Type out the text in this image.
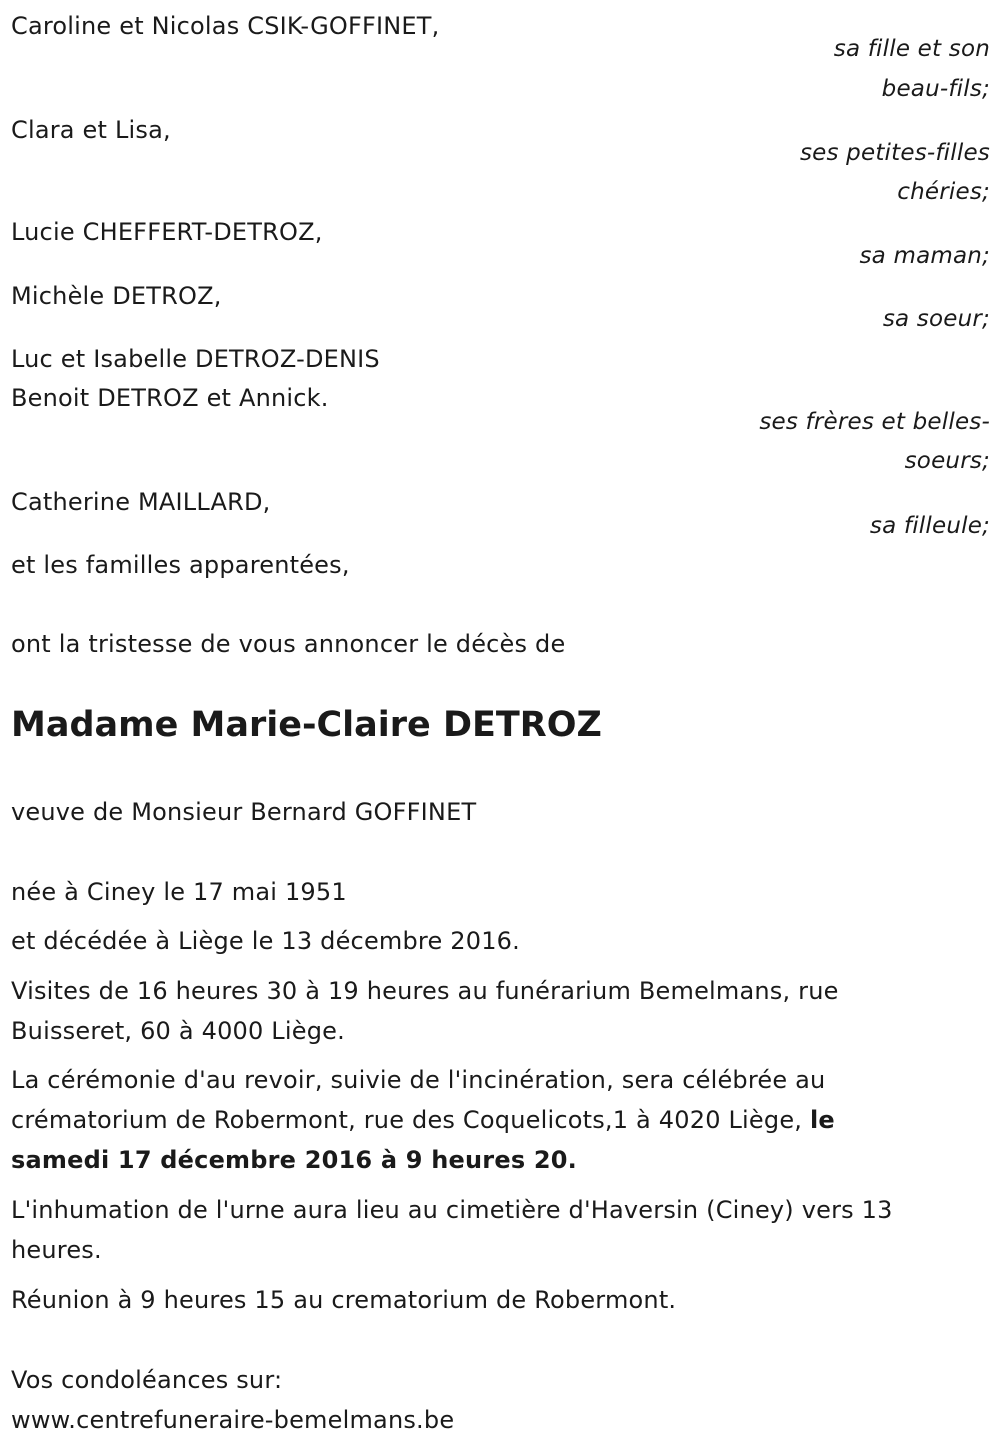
Caroline et Nicolas CSIK-GOFFINET,
sa fille et son
beau-fils;
Clara et Lisa,
ses petites-filles
chéries;
Lucie CHEFFERT-DETROZ,
sa maman;
Michèle DETROZ,
sa soeur;
Luc et Isabelle DETROZ-DENIS
Benoit DETROZ et Annick.
ses frères et belles-
soeurs;
Catherine MAILLARD,
sa filleule;
et les familles apparentées,
ont la tristesse de vous annoncer le décès de
Madame Marie-Claire DETROZ
veuve de Monsieur Bernard GOFFINET
née à Ciney le 17 mai 1951
et décédée à Liège le 13 décembre 2016.
Visites de 16 heures 30 à 19 heures au funérarium Bemelmans, rue
Buisseret, 60 à 4000 Liège.
La cérémonie d'au revoir, suivie de l'incinération, sera célébrée au
crématorium de Robermont, rue des Coquelicots,1 à 4020 Liège, le
samedi 17 décembre 2016 à 9 heures 20.
L'inhumation de l'urne aura lieu au cimetière d'Haversin (Ciney) vers 13
heures.
Réunion à 9 heures 15 au crematorium de Robermont.
Vos condoléances sur:
www.centrefuneraire-bemelmans.be
